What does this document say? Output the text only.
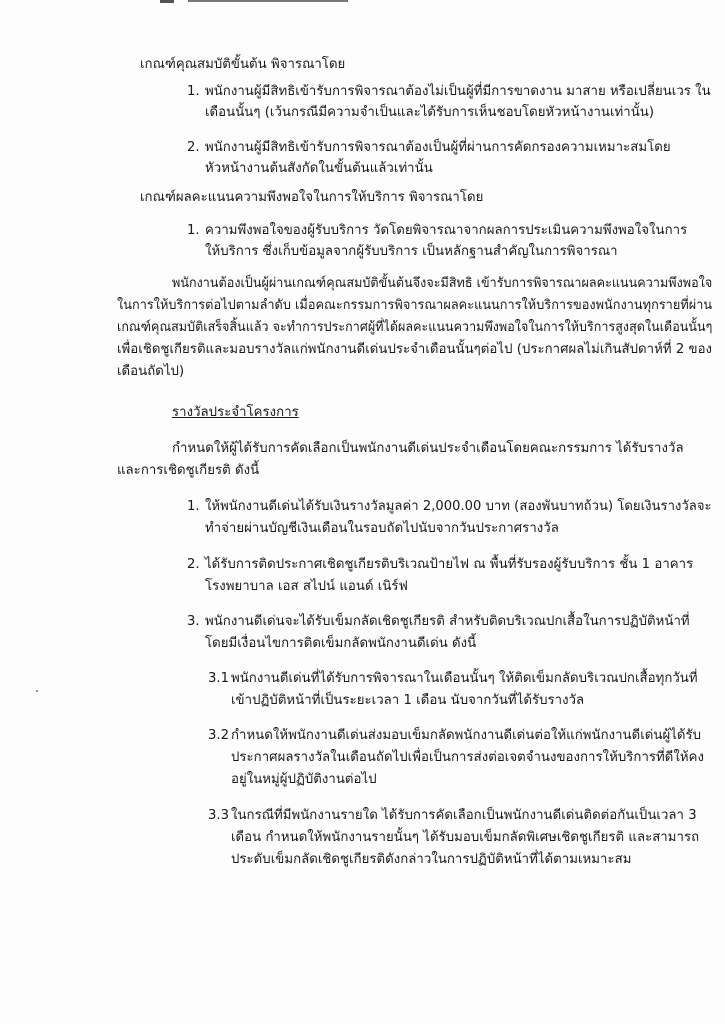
เกณฑ์คุณสมบัติขั้นต้น พิจารณาโดย
1. พนักงานผู้มีสิทธิเข้ารับการพิจารณาต้องไม่เป็นผู้ที่มีการขาดงาน มาสาย หรือเปลี่ยนเวร ใน
เดือนนั้นๆ (เว้นกรณีมีความจำเป็นและได้รับการเห็นชอบโดยหัวหน้างานเท่านั้น)
2. พนักงานผู้มีสิทธิเข้ารับการพิจารณาต้องเป็นผู้ที่ผ่านการคัดกรองความเหมาะสมโดย
หัวหน้างานต้นสังกัดในขั้นต้นแล้วเท่านั้น
เกณฑ์ผลคะแนนความพึงพอใจในการให้บริการ พิจารณาโดย
1. ความพึงพอใจของผู้รับบริการ วัดโดยพิจารณาจากผลการประเมินความพึงพอใจในการ
ให้บริการ ซึ่งเก็บข้อมูลจากผู้รับบริการ เป็นหลักฐานสำคัญในการพิจารณา
พนักงานต้องเป็นผู้ผ่านเกณฑ์คุณสมบัติขั้นต้นจึงจะมีสิทธิ เข้ารับการพิจารณาผลคะแนนความพึงพอใจ
ในการให้บริการต่อไปตามลำดับ เมื่อคณะกรรมการพิจารณาผลคะแนนการให้บริการของพนักงานทุกรายที่ผ่าน
เกณฑ์คุณสมบัติเสร็จสิ้นแล้ว จะทำการประกาศผู้ที่ได้ผลคะแนนความพึงพอใจในการให้บริการสูงสุดในเดือนนั้นๆ
เพื่อเชิดชูเกียรติและมอบรางวัลแก่พนักงานดีเด่นประจำเดือนนั้นๆต่อไป (ประกาศผลไม่เกินสัปดาห์ที่ 2 ของ
เดือนถัดไป)
รางวัลประจำโครงการ
กำหนดให้ผู้ได้รับการคัดเลือกเป็นพนักงานดีเด่นประจำเดือนโดยคณะกรรมการ ได้รับรางวัล
และการเชิดชูเกียรติ ดังนี้
1. ให้พนักงานดีเด่นได้รับเงินรางวัลมูลค่า 2,000.00 บาท (สองพันบาทถ้วน) โดยเงินรางวัลจะ
ทำจ่ายผ่านบัญชีเงินเดือนในรอบถัดไปนับจากวันประกาศรางวัล
2. ได้รับการติดประกาศเชิดชูเกียรติบริเวณป้ายไฟ ณ พื้นที่รับรองผู้รับบริการ ชั้น 1 อาคาร
โรงพยาบาล เอส สไปน์ แอนด์ เนิร์ฟ
3. พนักงานดีเด่นจะได้รับเข็มกลัดเชิดชูเกียรติ สำหรับติดบริเวณปกเสื้อในการปฏิบัติหน้าที่
โดยมีเงื่อนไขการติดเข็มกลัดพนักงานดีเด่น ดังนี้
3.1 พนักงานดีเด่นที่ได้รับการพิจารณาในเดือนนั้นๆ ให้ติดเข็มกลัดบริเวณปกเสื้อทุกวันที่
เข้าปฏิบัติหน้าที่เป็นระยะเวลา 1 เดือน นับจากวันที่ได้รับรางวัล
3.2 กำหนดให้พนักงานดีเด่นส่งมอบเข็มกลัดพนักงานดีเด่นต่อให้แก่พนักงานดีเด่นผู้ได้รับ
ประกาศผลรางวัลในเดือนถัดไปเพื่อเป็นการส่งต่อเจตจำนงของการให้บริการที่ดีให้คง
อยู่ในหมู่ผู้ปฏิบัติงานต่อไป
3.3 ในกรณีที่มีพนักงานรายใด ได้รับการคัดเลือกเป็นพนักงานดีเด่นติดต่อกันเป็นเวลา 3
เดือน กำหนดให้พนักงานรายนั้นๆ ได้รับมอบเข็มกลัดพิเศษเชิดชูเกียรติ และสามารถ
ประดับเข็มกลัดเชิดชูเกียรติดังกล่าวในการปฏิบัติหน้าที่ได้ตามเหมาะสม
